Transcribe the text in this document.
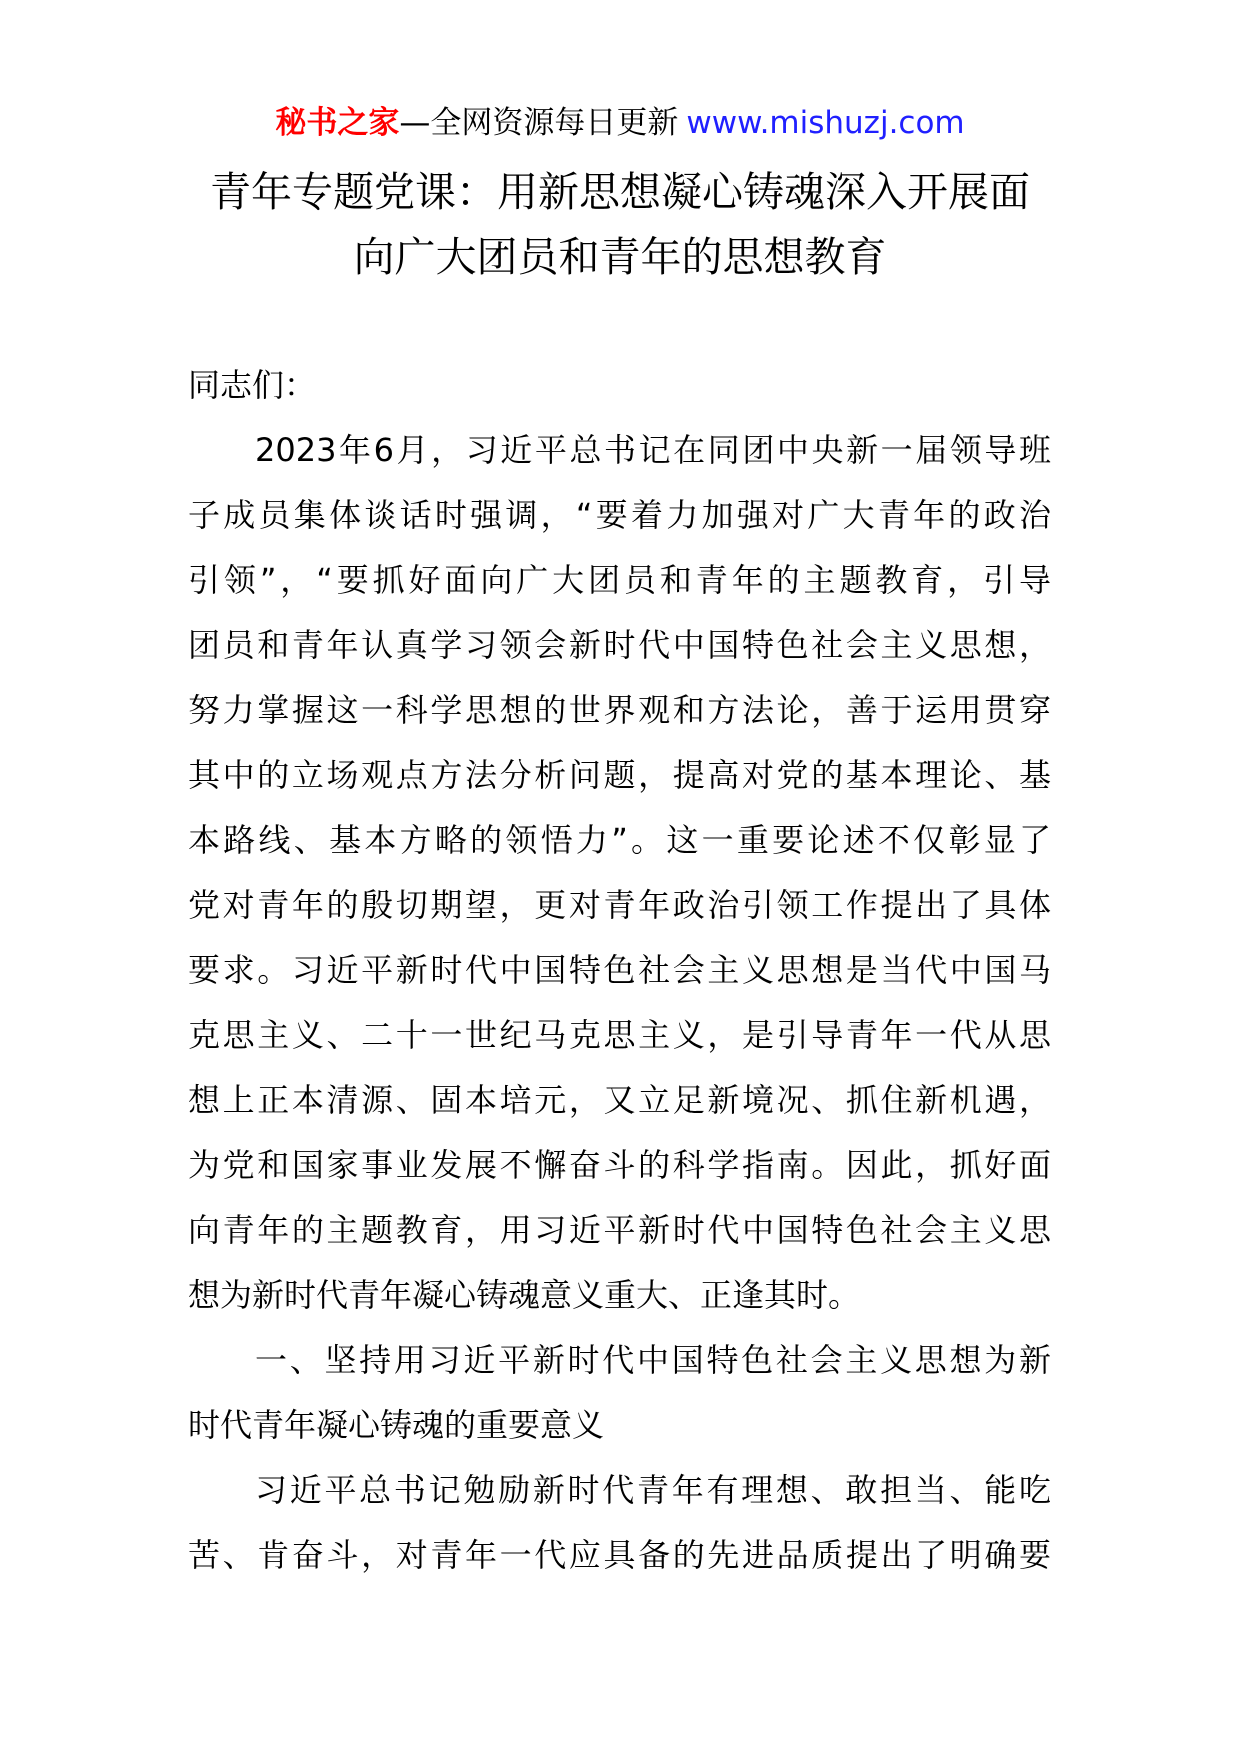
秘书之家—全网资源每日更新 www.mishuzj.com
青年专题党课：用新思想凝心铸魂深入开展面
向广大团员和青年的思想教育
同志们：
2023年6月，习近平总书记在同团中央新一届领导班
子成员集体谈话时强调，“要着力加强对广大青年的政治
引领”，“要抓好面向广大团员和青年的主题教育，引导
团员和青年认真学习领会新时代中国特色社会主义思想，
努力掌握这一科学思想的世界观和方法论，善于运用贯穿
其中的立场观点方法分析问题，提高对党的基本理论、基
本路线、基本方略的领悟力”。这一重要论述不仅彰显了
党对青年的殷切期望，更对青年政治引领工作提出了具体
要求。习近平新时代中国特色社会主义思想是当代中国马
克思主义、二十一世纪马克思主义，是引导青年一代从思
想上正本清源、固本培元，又立足新境况、抓住新机遇，
为党和国家事业发展不懈奋斗的科学指南。因此，抓好面
向青年的主题教育，用习近平新时代中国特色社会主义思
想为新时代青年凝心铸魂意义重大、正逢其时。
一、坚持用习近平新时代中国特色社会主义思想为新
时代青年凝心铸魂的重要意义
习近平总书记勉励新时代青年有理想、敢担当、能吃
苦、肯奋斗，对青年一代应具备的先进品质提出了明确要
